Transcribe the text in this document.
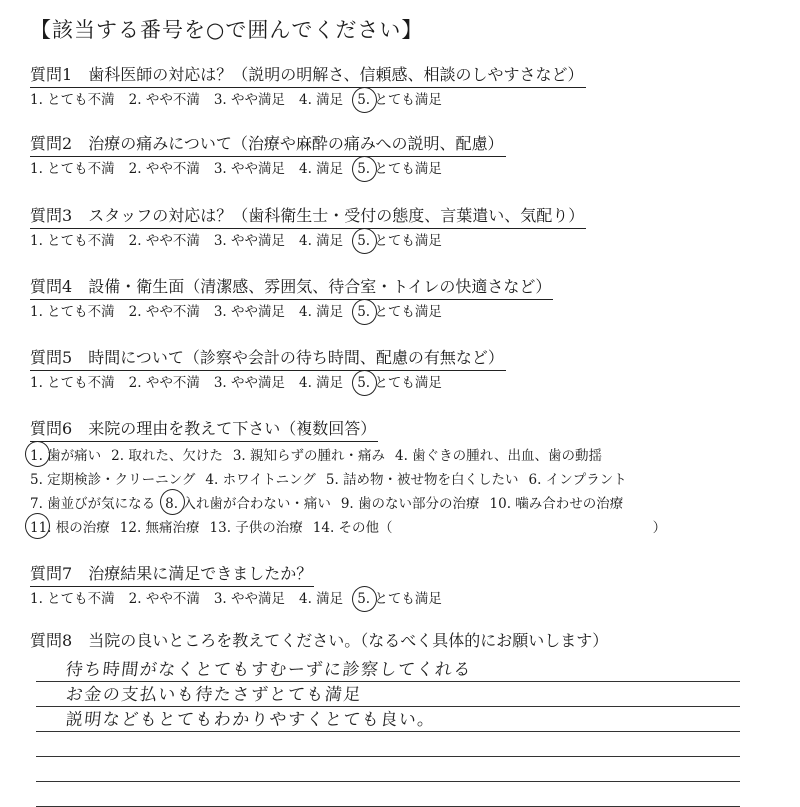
【該当する番号を○で囲んでください】
質問1 歯科医師の対応は？（説明の明解さ、信頼感、相談のしやすさなど）
1. とても不満 2. やや不満 3. やや満足 4. 満足 5. とても満足
質問2 治療の痛みについて（治療や麻酔の痛みへの説明、配慮）
1. とても不満 2. やや不満 3. やや満足 4. 満足 5. とても満足
質問3 スタッフの対応は？（歯科衛生士・受付の態度、言葉遣い、気配り）
1. とても不満 2. やや不満 3. やや満足 4. 満足 5. とても満足
質問4 設備・衛生面（清潔感、雰囲気、待合室・トイレの快適さなど）
1. とても不満 2. やや不満 3. やや満足 4. 満足 5. とても満足
質問5 時間について（診察や会計の待ち時間、配慮の有無など）
1. とても不満 2. やや不満 3. やや満足 4. 満足 5. とても満足
質問6 来院の理由を教えて下さい（複数回答）
1. 歯が痛い 2. 取れた、欠けた 3. 親知らずの腫れ・痛み 4. 歯ぐきの腫れ、出血、歯の動揺
5. 定期検診・クリーニング 4. ホワイトニング 5. 詰め物・被せ物を白くしたい 6. インプラント
7. 歯並びが気になる 8. 入れ歯が合わない・痛い 9. 歯のない部分の治療 10. 噛み合わせの治療
11. 根の治療 12. 無痛治療 13. 子供の治療 14. その他（	）
質問7 治療結果に満足できましたか？
1. とても不満 2. やや不満 3. やや満足 4. 満足 5. とても満足
質問8 当院の良いところを教えてください。（なるべく具体的にお願いします）
待ち時間がなくとてもすむーずに診察してくれる
お金の支払いも待たさずとても満足
説明などもとてもわかりやすくとても良い。
